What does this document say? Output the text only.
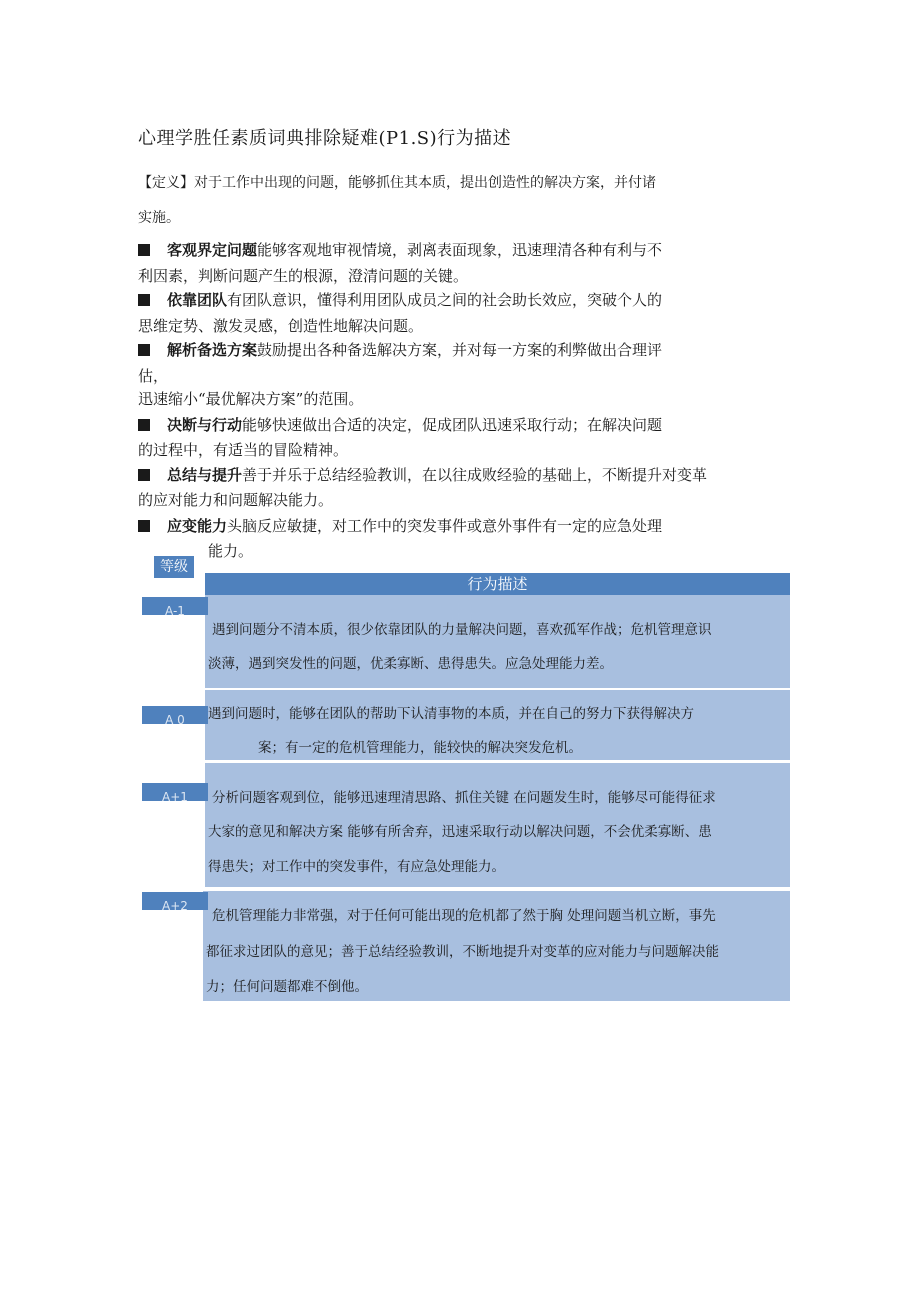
心理学胜任素质词典排除疑难(P1.S)行为描述
【定义】对于工作中出现的问题，能够抓住其本质，提出创造性的解决方案，并付诸
实施。
客观界定问题能够客观地审视情境，剥离表面现象，迅速理清各种有利与不
利因素，判断问题产生的根源，澄清问题的关键。
依靠团队有团队意识，懂得利用团队成员之间的社会助长效应，突破个人的
思维定势、激发灵感，创造性地解决问题。
解析备选方案鼓励提出各种备选解决方案，并对每一方案的利弊做出合理评
估，
迅速缩小“最优解决方案”的范围。
决断与行动能够快速做出合适的决定，促成团队迅速采取行动；在解决问题
的过程中，有适当的冒险精神。
总结与提升善于并乐于总结经验教训，在以往成败经验的基础上，不断提升对变革
的应对能力和问题解决能力。
应变能力头脑反应敏捷，对工作中的突发事件或意外事件有一定的应急处理
能力。
等级
行为描述
A-1
遇到问题分不清本质，很少依靠团队的力量解决问题，喜欢孤军作战；危机管理意识
淡薄，遇到突发性的问题，优柔寡断、患得患失。应急处理能力差。
A 0	遇到问题时，能够在团队的帮助下认清事物的本质，并在自己的努力下获得解决方
案；有一定的危机管理能力，能较快的解决突发危机。
A+1	分析问题客观到位，能够迅速理清思路、抓住关键 在问题发生时，能够尽可能得征求
大家的意见和解决方案 能够有所舍弃，迅速采取行动以解决问题，不会优柔寡断、患
得患失；对工作中的突发事件，有应急处理能力。
A+2
危机管理能力非常强，对于任何可能出现的危机都了然于胸 处理问题当机立断，事先
都征求过团队的意见；善于总结经验教训，不断地提升对变革的应对能力与问题解决能
力；任何问题都难不倒他。
